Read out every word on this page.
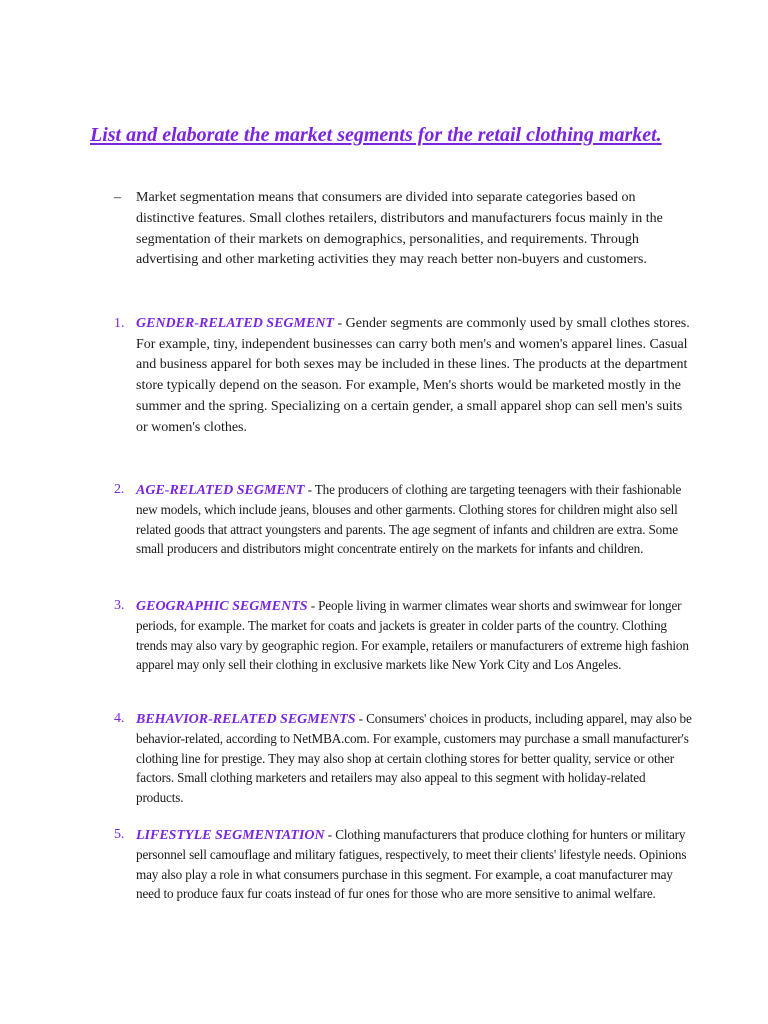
List and elaborate the market segments for the retail clothing market.
– Market segmentation means that consumers are divided into separate categories based on distinctive features. Small clothes retailers, distributors and manufacturers focus mainly in the segmentation of their markets on demographics, personalities, and requirements. Through advertising and other marketing activities they may reach better non-buyers and customers.
1. GENDER-RELATED SEGMENT - Gender segments are commonly used by small clothes stores. For example, tiny, independent businesses can carry both men's and women's apparel lines. Casual and business apparel for both sexes may be included in these lines. The products at the department store typically depend on the season. For example, Men's shorts would be marketed mostly in the summer and the spring. Specializing on a certain gender, a small apparel shop can sell men's suits or women's clothes.
2. AGE-RELATED SEGMENT - The producers of clothing are targeting teenagers with their fashionable new models, which include jeans, blouses and other garments. Clothing stores for children might also sell related goods that attract youngsters and parents. The age segment of infants and children are extra. Some small producers and distributors might concentrate entirely on the markets for infants and children.
3. GEOGRAPHIC SEGMENTS - People living in warmer climates wear shorts and swimwear for longer periods, for example. The market for coats and jackets is greater in colder parts of the country. Clothing trends may also vary by geographic region. For example, retailers or manufacturers of extreme high fashion apparel may only sell their clothing in exclusive markets like New York City and Los Angeles.
4. BEHAVIOR-RELATED SEGMENTS - Consumers' choices in products, including apparel, may also be behavior-related, according to NetMBA.com. For example, customers may purchase a small manufacturer's clothing line for prestige. They may also shop at certain clothing stores for better quality, service or other factors. Small clothing marketers and retailers may also appeal to this segment with holiday-related products.
5. LIFESTYLE SEGMENTATION - Clothing manufacturers that produce clothing for hunters or military personnel sell camouflage and military fatigues, respectively, to meet their clients' lifestyle needs. Opinions may also play a role in what consumers purchase in this segment. For example, a coat manufacturer may need to produce faux fur coats instead of fur ones for those who are more sensitive to animal welfare.
